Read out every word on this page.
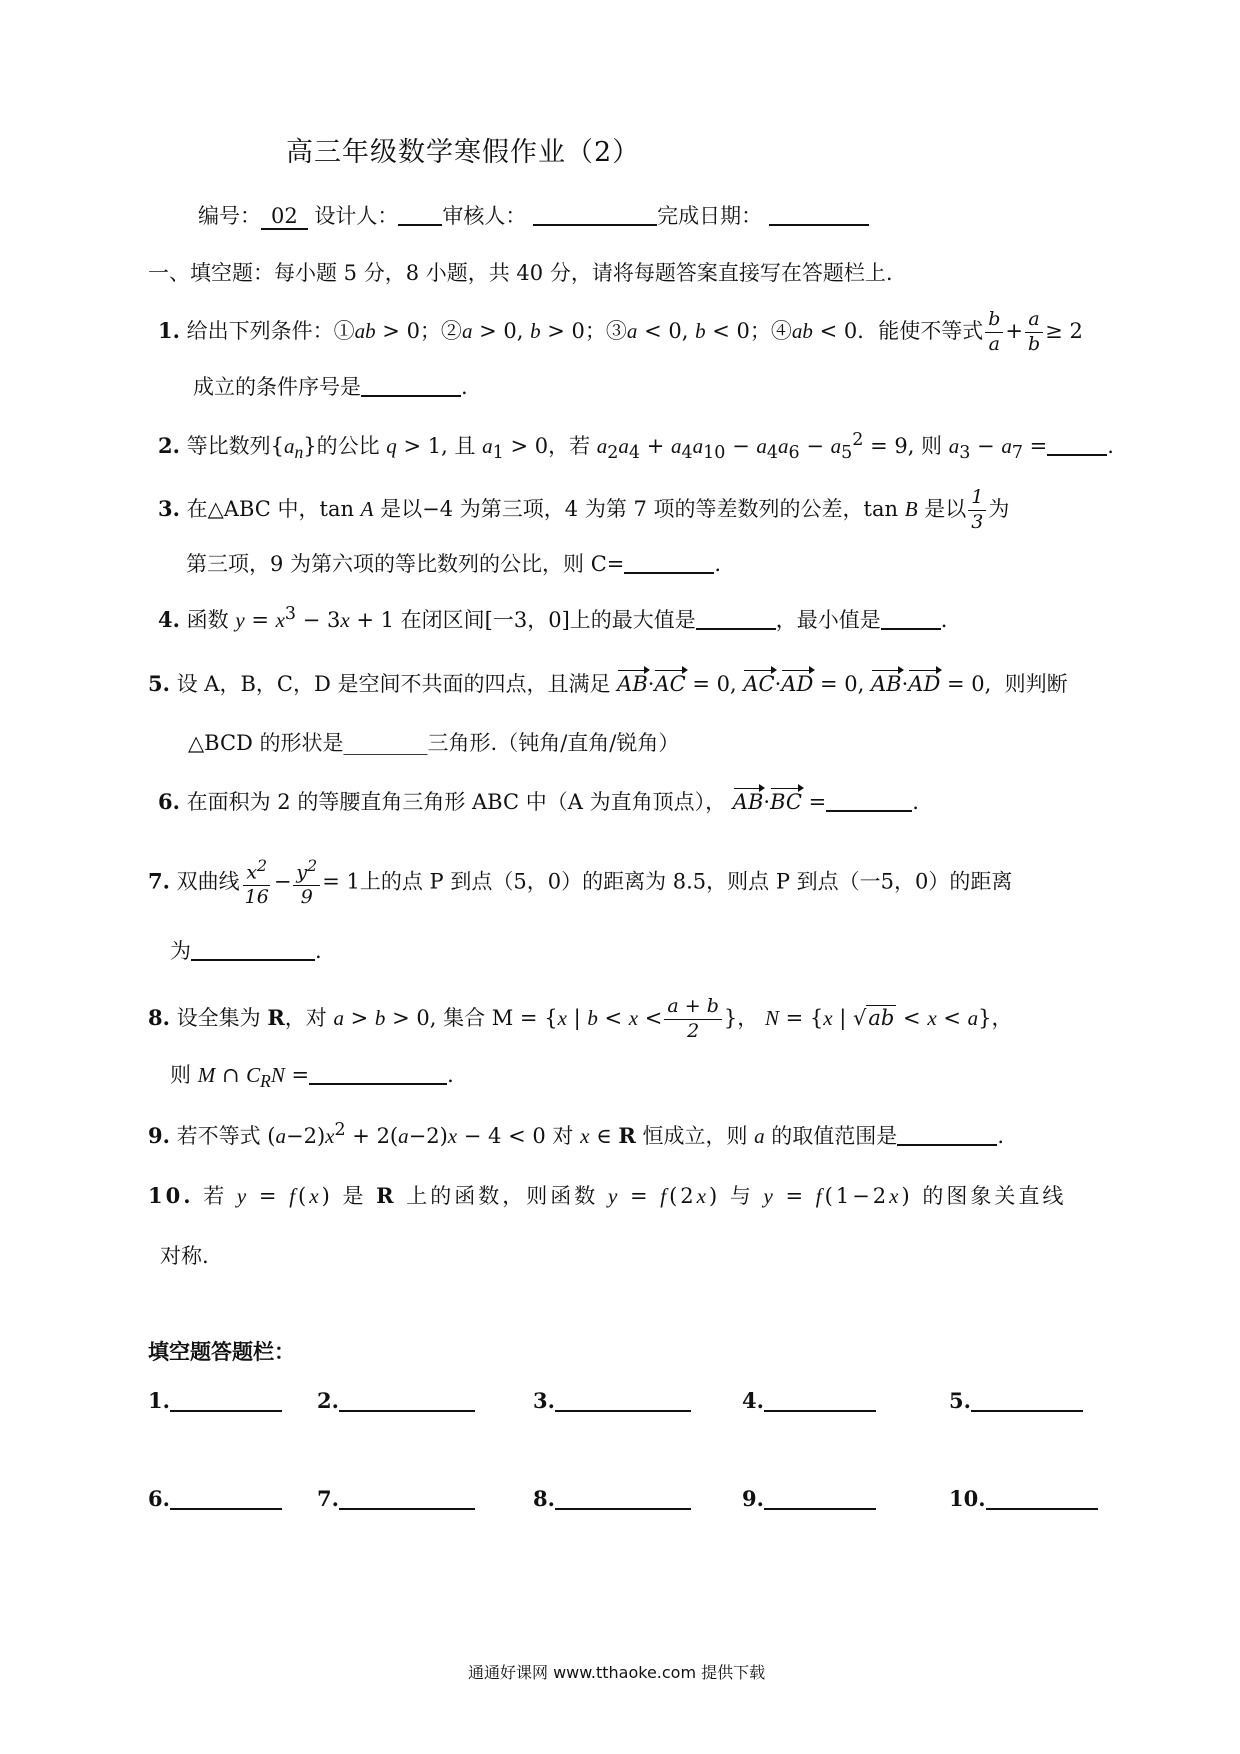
高三年级数学寒假作业（2）
编号： 02 设计人： 审核人：	完成日期：
一、填空题：每小题 5 分，8 小题，共 40 分，请将每题答案直接写在答题栏上.
1. 给出下列条件：①ab > 0；②a > 0, b > 0；③a < 0, b < 0；④ab < 0．能使不等式 $\frac{b}{a} + \frac{a}{b} \ge 2$
成立的条件序号是	.
2. 等比数列$\{a_n\}$的公比 q > 1, 且 $a_1 > 0$，若 $a_2a_4 + a_4a_{10} - a_4a_6 - a_5^2 = 9$, 则 $a_3 - a_7$ =	.
3. 在△ABC 中，tan A 是以−4 为第三项，4 为第 7 项的等差数列的公差，tan B 是以 $\frac{1}{3}$ 为
第三项，9 为第六项的等比数列的公比，则 C=	.
4. 函数 $y = x^3 - 3x + 1$ 在闭区间[一3，0]上的最大值是	，最小值是	.
5. 设 A，B，C，D 是空间不共面的四点，且满足 AB·AC = 0, AC·AD = 0, AB·AD = 0, 则判断
△BCD 的形状是________三角形.（钝角/直角/锐角）
6. 在面积为 2 的等腰直角三角形 ABC 中（A 为直角顶点）， AB·BC =	.
7. 双曲线 $\frac{x^2}{16} - \frac{y^2}{9} = 1$上的点 P 到点（5，0）的距离为 8.5，则点 P 到点（一5，0）的距离
为	.
8. 设全集为 R，对 a > b > 0, 集合 M = {x | $b < x < \frac{a + b}{2}$ }， N = {x | √ab < x < a}，
则 M ∩ $C_RN$ =	.
9. 若不等式 $(a-2)x^2 + 2(a-2)x - 4 < 0$ 对 x ∈ R 恒成立，则 a 的取值范围是	.
10. 若 y = f(x) 是 R 上的函数，则函数 y = f(2x) 与 y = f(1−2x) 的图象关直线
对称.
填空题答题栏：
1.	2.	3.	4.	5.
6.	7.	8.	9.	10.
通通好课网 www.tthaoke.com 提供下载
